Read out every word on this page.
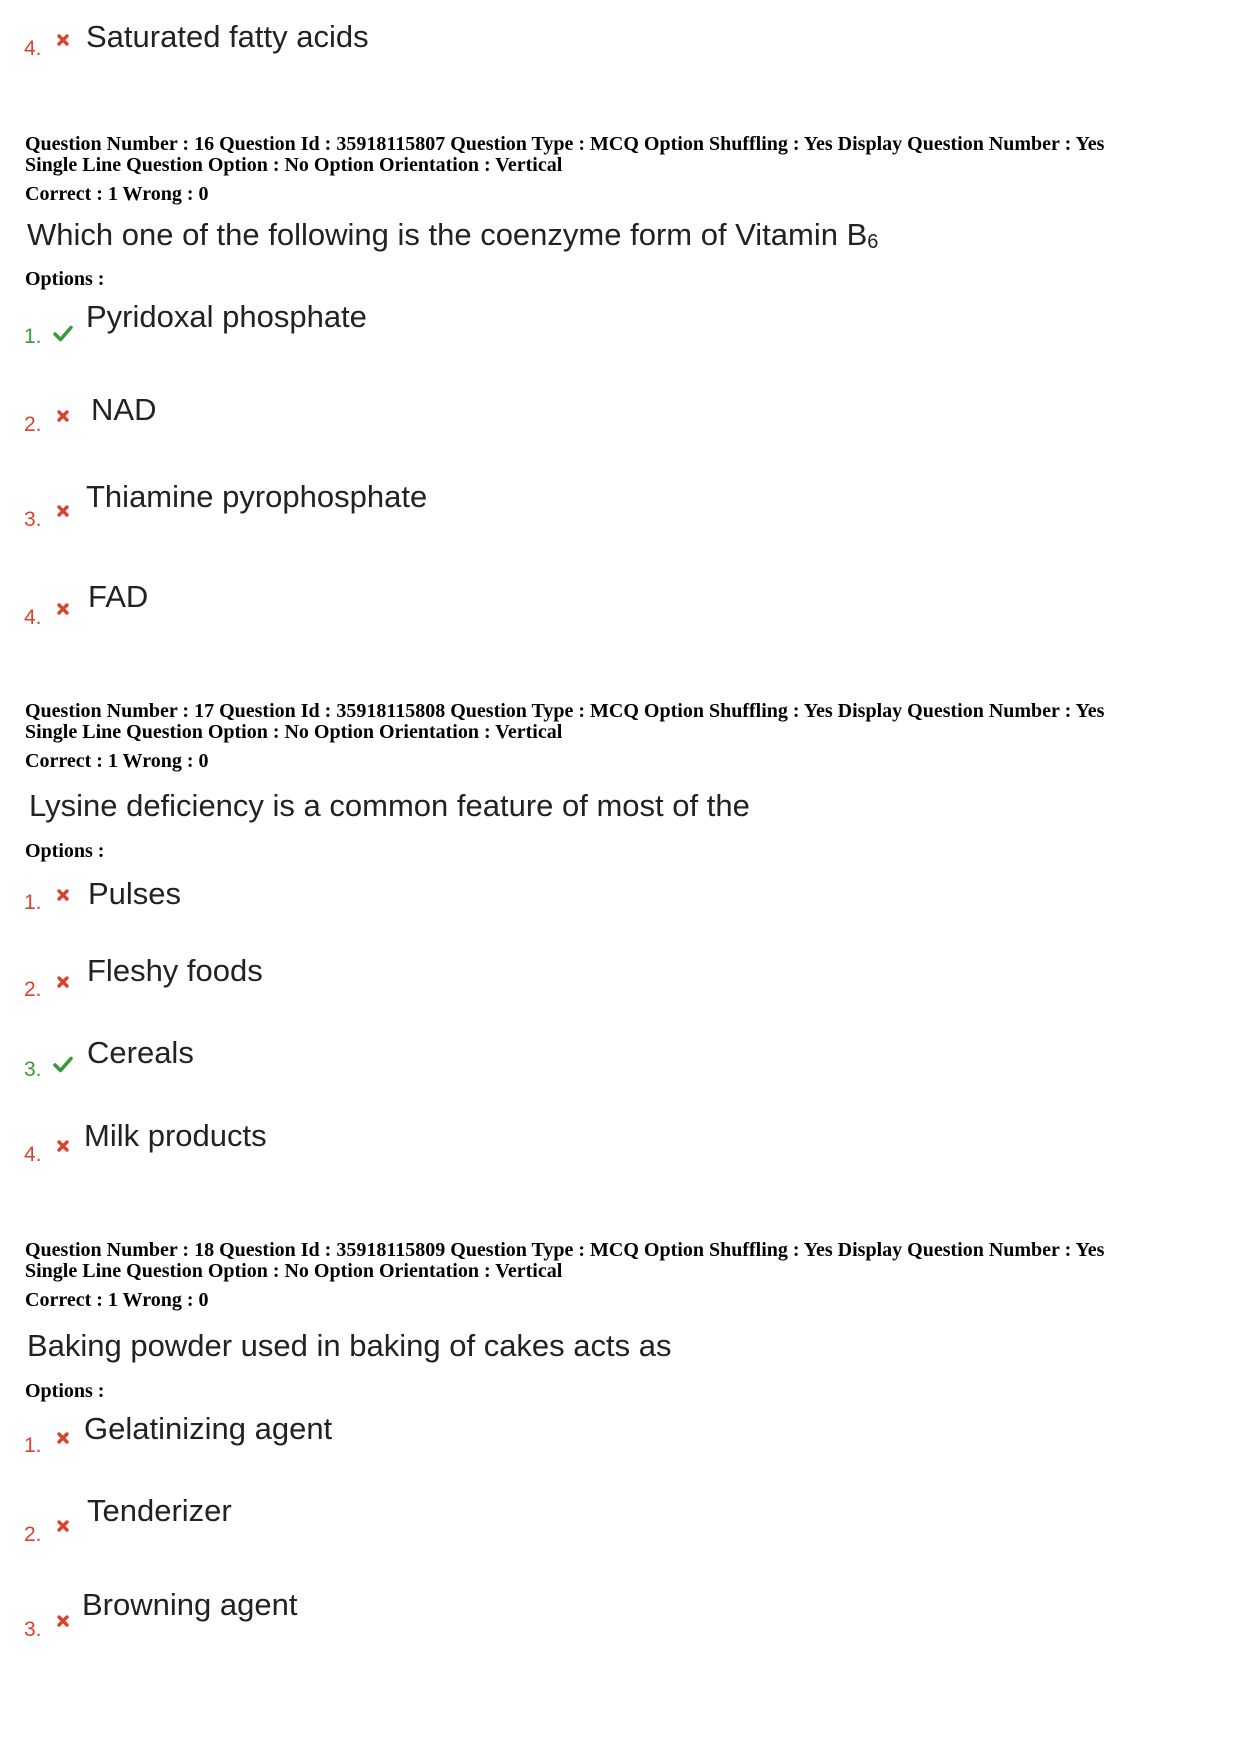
4. Saturated fatty acids
Question Number : 16 Question Id : 35918115807 Question Type : MCQ Option Shuffling : Yes Display Question Number : Yes
Single Line Question Option : No Option Orientation : Vertical
Correct : 1 Wrong : 0
Which one of the following is the coenzyme form of Vitamin $B_6$
Options :
1.
Pyridoxal phosphate
2. NAD
3.
Thiamine pyrophosphate
4.
FAD
Question Number : 17 Question Id : 35918115808 Question Type : MCQ Option Shuffling : Yes Display Question Number : Yes
Single Line Question Option : No Option Orientation : Vertical
Correct : 1 Wrong : 0
Lysine deficiency is a common feature of most of the
Options :
1. Pulses
2.
Fleshy foods
3. Cereals
4.
Milk products
Question Number : 18 Question Id : 35918115809 Question Type : MCQ Option Shuffling : Yes Display Question Number : Yes
Single Line Question Option : No Option Orientation : Vertical
Correct : 1 Wrong : 0
Baking powder used in baking of cakes acts as
Options :
1. Gelatinizing agent
2.
Tenderizer
3.
Browning agent
